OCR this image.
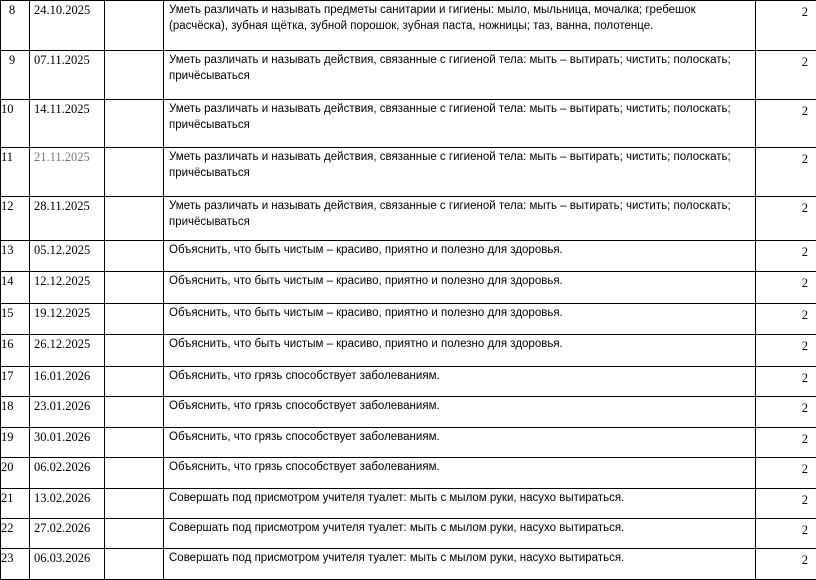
8	24.10.2025		Уметь различать и называть предметы санитарии и гигиены: мыло, мыльница, мочалка; гребешок (расчёска), зубная щётка, зубной порошок, зубная паста, ножницы; таз, ванна, полотенце.	2
9	07.11.2025		Уметь различать и называть действия, связанные с гигиеной тела: мыть – вытирать; чистить; полоскать; причёсываться	2
10	14.11.2025		Уметь различать и называть действия, связанные с гигиеной тела: мыть – вытирать; чистить; полоскать; причёсываться	2
11	21.11.2025		Уметь различать и называть действия, связанные с гигиеной тела: мыть – вытирать; чистить; полоскать; причёсываться	2
12	28.11.2025		Уметь различать и называть действия, связанные с гигиеной тела: мыть – вытирать; чистить; полоскать; причёсываться	2
13	05.12.2025		Объяснить, что быть чистым – красиво, приятно и полезно для здоровья.	2
14	12.12.2025		Объяснить, что быть чистым – красиво, приятно и полезно для здоровья.	2
15	19.12.2025		Объяснить, что быть чистым – красиво, приятно и полезно для здоровья.	2
16	26.12.2025		Объяснить, что быть чистым – красиво, приятно и полезно для здоровья.	2
17	16.01.2026		Объяснить, что грязь способствует заболеваниям.	2
18	23.01.2026		Объяснить, что грязь способствует заболеваниям.	2
19	30.01.2026		Объяснить, что грязь способствует заболеваниям.	2
20	06.02.2026		Объяснить, что грязь способствует заболеваниям.	2
21	13.02.2026		Совершать под присмотром учителя туалет: мыть с мылом руки, насухо вытираться.	2
22	27.02.2026		Совершать под присмотром учителя туалет: мыть с мылом руки, насухо вытираться.	2
23	06.03.2026		Совершать под присмотром учителя туалет: мыть с мылом руки, насухо вытираться.	2
